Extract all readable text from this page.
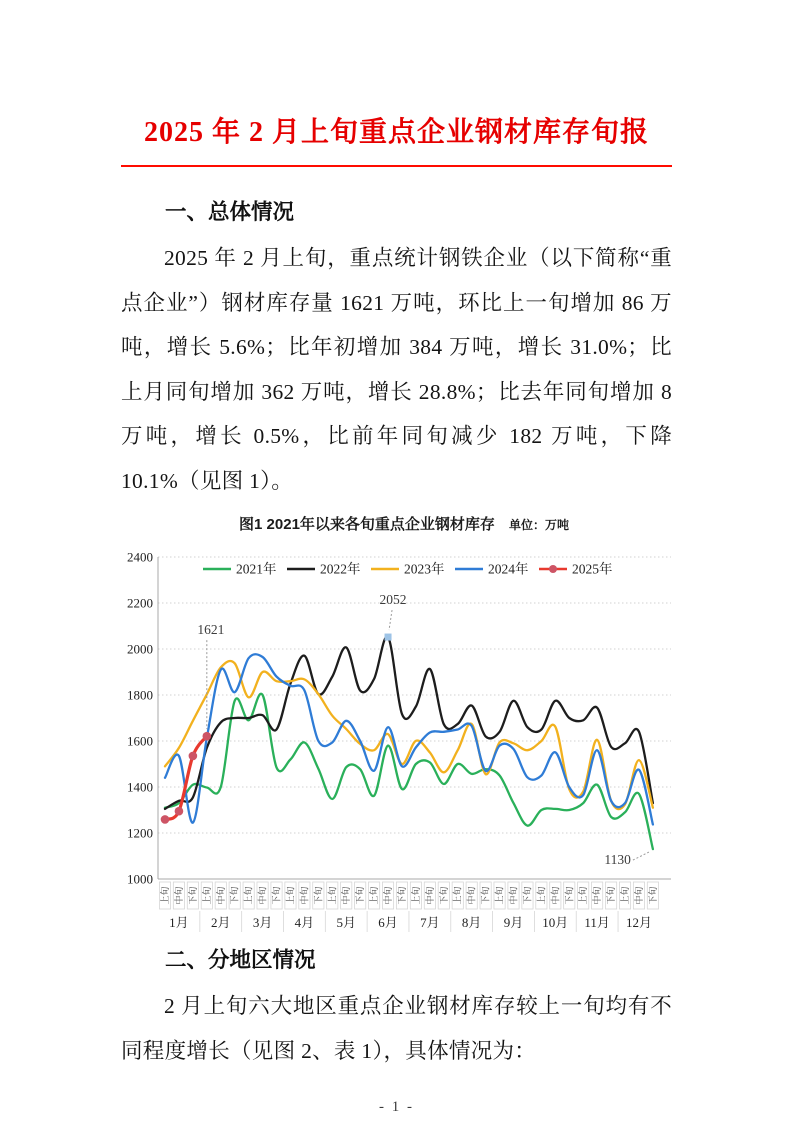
2025 年 2 月上旬重点企业钢材库存旬报
一、总体情况

2025 年 2 月上旬，重点统计钢铁企业（以下简称“重点企业”）钢材库存量 1621 万吨，环比上一旬增加 86 万吨，增长 5.6%；比年初增加 384 万吨，增长 31.0%；比上月同旬增加 362 万吨，增长 28.8%；比去年同旬增加 8 万吨，增长 0.5%，比前年同旬减少 182 万吨，下降 10.1%（见图 1）。

图1 2021年以来各旬重点企业钢材库存 单位：万吨
1000
1200
1400
1600
1800
2000
2200
2400
上旬 中旬 下旬 上旬 中旬 下旬 上旬 中旬 下旬 上旬 中旬 下旬 上旬 中旬 下旬 上旬 中旬 下旬 上旬 中旬 下旬 上旬 中旬 下旬 上旬 中旬 下旬 上旬 中旬 下旬 上旬 中旬 下旬 上旬 中旬 下旬
1月 2月 3月 4月 5月 6月 7月 8月 9月 10月 11月 12月
1621
2052
1130
2021年	2022年	2023年	2024年	2025年
二、分地区情况

2 月上旬六大地区重点企业钢材库存较上一旬均有不同程度增长（见图 2、表 1），具体情况为：

- 1 -
